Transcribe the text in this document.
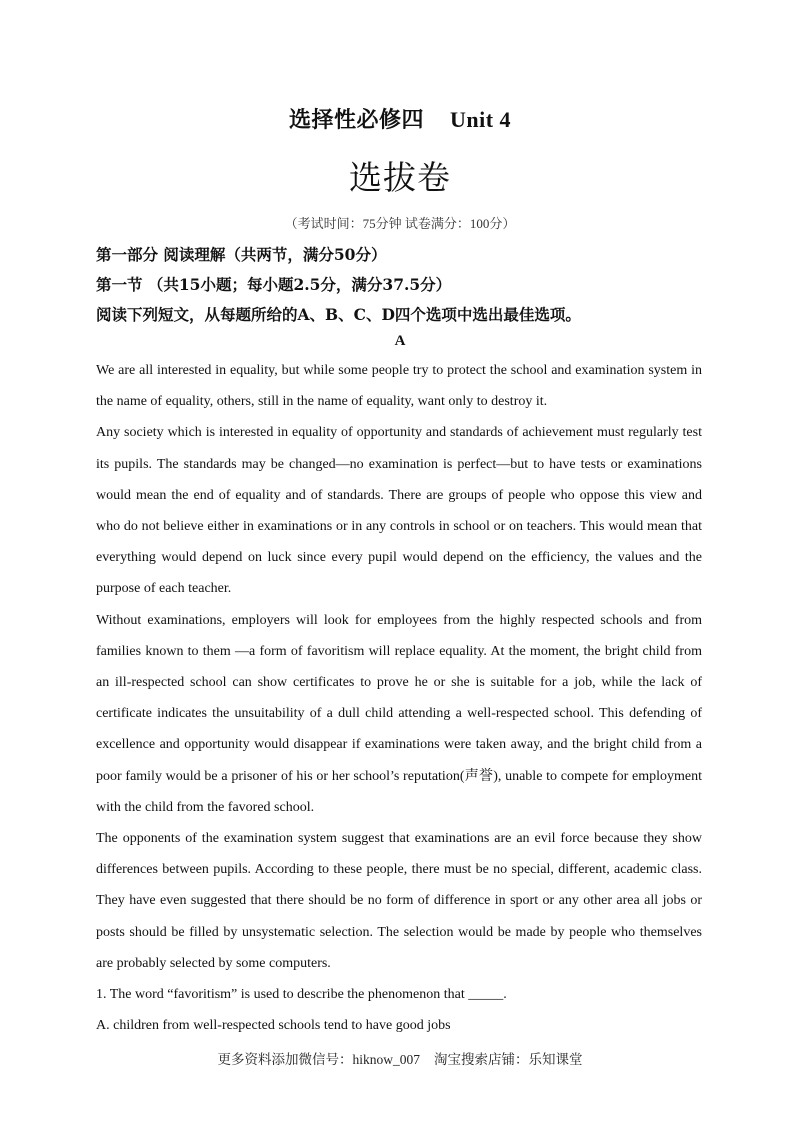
选择性必修四 Unit 4
选拔卷
（考试时间：75分钟 试卷满分：100分）
第一部分 阅读理解（共两节，满分50分）
第一节 （共15小题；每小题2.5分，满分37.5分）
阅读下列短文，从每题所给的A、B、C、D四个选项中选出最佳选项。
A

We are all interested in equality, but while some people try to protect the school and examination system in the name of equality, others, still in the name of equality, want only to destroy it.

Any society which is interested in equality of opportunity and standards of achievement must regularly test its pupils. The standards may be changed—no examination is perfect—but to have tests or examinations would mean the end of equality and of standards. There are groups of people who oppose this view and who do not believe either in examinations or in any controls in school or on teachers. This would mean that everything would depend on luck since every pupil would depend on the efficiency, the values and the purpose of each teacher.

Without examinations, employers will look for employees from the highly respected schools and from families known to them —a form of favoritism will replace equality. At the moment, the bright child from an ill-respected school can show certificates to prove he or she is suitable for a job, while the lack of certificate indicates the unsuitability of a dull child attending a well-respected school. This defending of excellence and opportunity would disappear if examinations were taken away, and the bright child from a poor family would be a prisoner of his or her school’s reputation(声誉), unable to compete for employment with the child from the favored school.

The opponents of the examination system suggest that examinations are an evil force because they show differences between pupils. According to these people, there must be no special, different, academic class. They have even suggested that there should be no form of difference in sport or any other area all jobs or posts should be filled by unsystematic selection. The selection would be made by people who themselves are probably selected by some computers.

1. The word “favoritism” is used to describe the phenomenon that _____.

A. children from well-respected schools tend to have good jobs

更多资料添加微信号：hiknow_007 淘宝搜索店铺：乐知课堂
